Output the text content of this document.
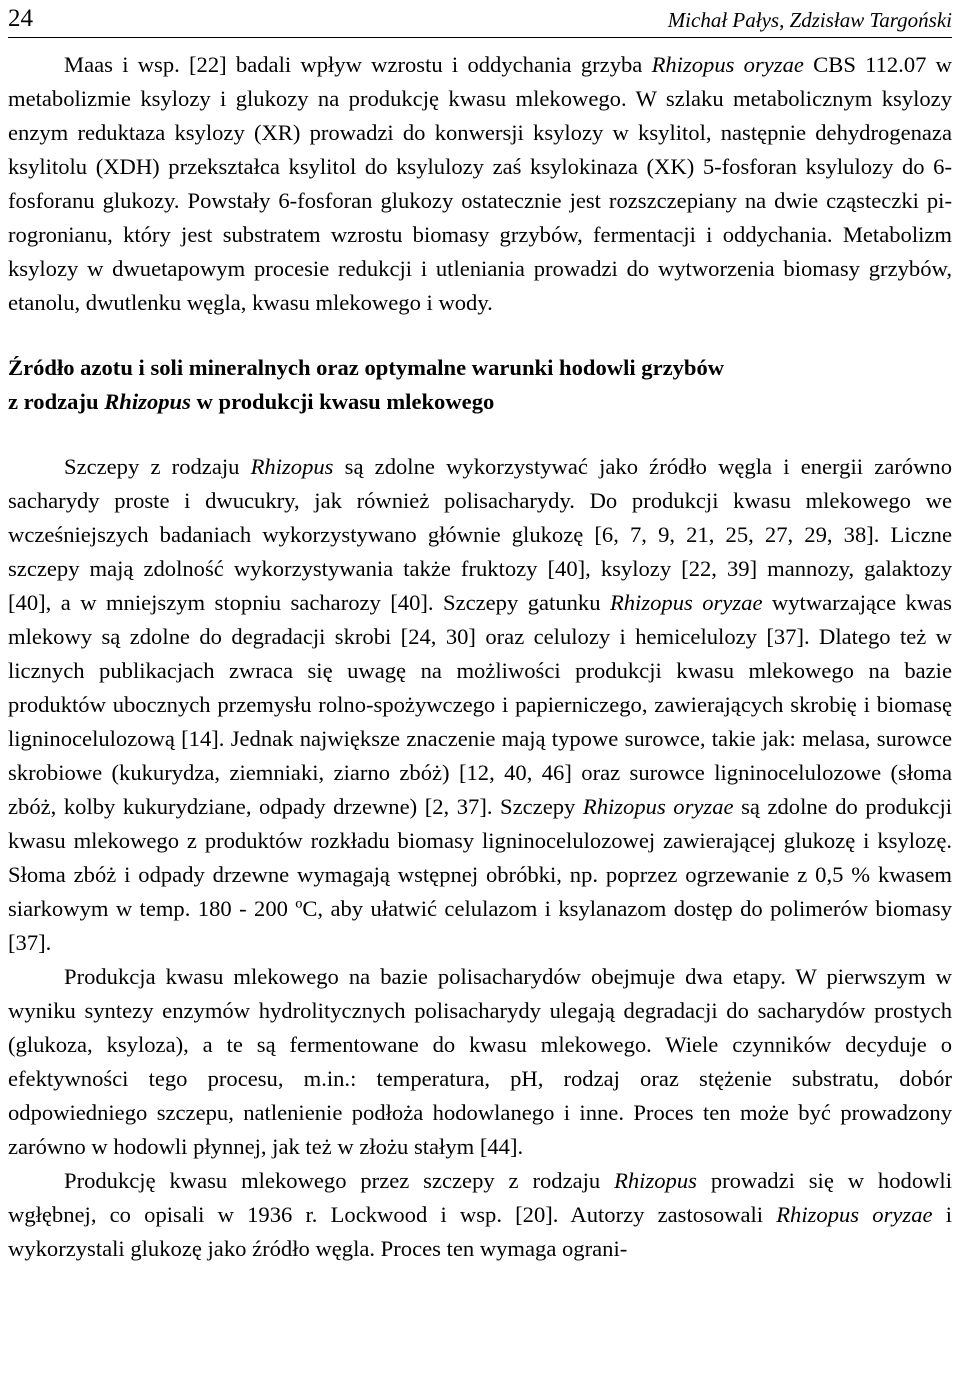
24	Michał Pałys, Zdzisław Targoński

Maas i wsp. [22] badali wpływ wzrostu i oddychania grzyba Rhizopus oryzae CBS 112.07 w metabolizmie ksylozy i glukozy na produkcję kwasu mlekowego. W szlaku metabolicznym ksylozy enzym reduktaza ksylozy (XR) prowadzi do konwersji ksylozy w ksylitol, następnie dehydrogenaza ksylitolu (XDH) przekształca ksylitol do ksylulozy zaś ksylokinaza (XK) 5-fosforan ksylulozy do 6-fosforanu glukozy. Powstały 6-fosforan glukozy ostatecznie jest rozszczepiany na dwie cząsteczki pirogronianu, który jest substratem wzrostu biomasy grzybów, fermentacji i oddychania. Metabolizm ksylozy w dwuetapowym procesie redukcji i utleniania prowadzi do wytworzenia biomasy grzybów, etanolu, dwutlenku węgla, kwasu mlekowego i wody.

Źródło azotu i soli mineralnych oraz optymalne warunki hodowli grzybów
z rodzaju Rhizopus w produkcji kwasu mlekowego

Szczepy z rodzaju Rhizopus są zdolne wykorzystywać jako źródło węgla i energii zarówno sacharydy proste i dwucukry, jak również polisacharydy. Do produkcji kwasu mlekowego we wcześniejszych badaniach wykorzystywano głównie glukozę [6, 7, 9, 21, 25, 27, 29, 38]. Liczne szczepy mają zdolność wykorzystywania także fruktozy [40], ksylozy [22, 39] mannozy, galaktozy [40], a w mniejszym stopniu sacharozy [40]. Szczepy gatunku Rhizopus oryzae wytwarzające kwas mlekowy są zdolne do degradacji skrobi [24, 30] oraz celulozy i hemicelulozy [37]. Dlatego też w licznych publikacjach zwraca się uwagę na możliwości produkcji kwasu mlekowego na bazie produktów ubocznych przemysłu rolno-spożywczego i papierniczego, zawierających skrobię i biomasę ligninocelulozową [14]. Jednak największe znaczenie mają typowe surowce, takie jak: melasa, surowce skrobiowe (kukurydza, ziemniaki, ziarno zbóż) [12, 40, 46] oraz surowce ligninocelulozowe (słoma zbóż, kolby kukurydziane, odpady drzewne) [2, 37]. Szczepy Rhizopus oryzae są zdolne do produkcji kwasu mlekowego z produktów rozkładu biomasy ligninocelulozowej zawierającej glukozę i ksylozę. Słoma zbóż i odpady drzewne wymagają wstępnej obróbki, np. poprzez ogrzewanie z 0,5 % kwasem siarkowym w temp. 180 - 200 ºC, aby ułatwić celulazom i ksylanazom dostęp do polimerów biomasy [37].

Produkcja kwasu mlekowego na bazie polisacharydów obejmuje dwa etapy. W pierwszym w wyniku syntezy enzymów hydrolitycznych polisacharydy ulegają degradacji do sacharydów prostych (glukoza, ksyloza), a te są fermentowane do kwasu mlekowego. Wiele czynników decyduje o efektywności tego procesu, m.in.: temperatura, pH, rodzaj oraz stężenie substratu, dobór odpowiedniego szczepu, natlenienie podłoża hodowlanego i inne. Proces ten może być prowadzony zarówno w hodowli płynnej, jak też w złożu stałym [44].

Produkcję kwasu mlekowego przez szczepy z rodzaju Rhizopus prowadzi się w hodowli wgłębnej, co opisali w 1936 r. Lockwood i wsp. [20]. Autorzy zastosowali Rhizopus oryzae i wykorzystali glukozę jako źródło węgla. Proces ten wymaga ograni-
